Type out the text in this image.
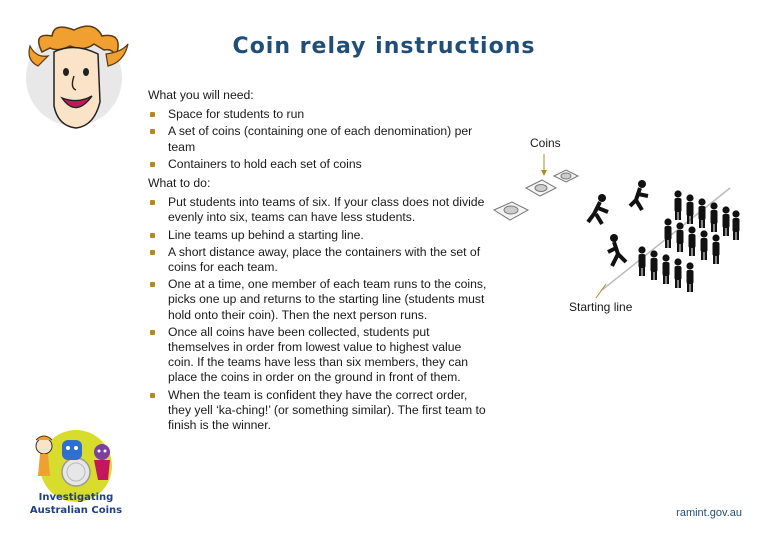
Coin relay instructions
What you will need:
Space for students to run
A set of coins (containing one of each denomination) per team
Containers to hold each set of coins
What to do:
Put students into teams of six. If your class does not divide evenly into six, teams can have less students.
Line teams up behind a starting line.
A short distance away, place the containers with the set of coins for each team.
One at a time, one member of each team runs to the coins, picks one up and returns to the starting line (students must hold onto their coin). Then the next person runs.
Once all coins have been collected, students put themselves in order from lowest value to highest value coin. If the teams have less than six members, they can place the coins in order on the ground in front of them.
When the team is confident they have the correct order, they yell ‘ka-ching!’ (or something similar). The first team to finish is the winner.
Coins
Starting line
Investigating
Australian Coins	ramint.gov.au
